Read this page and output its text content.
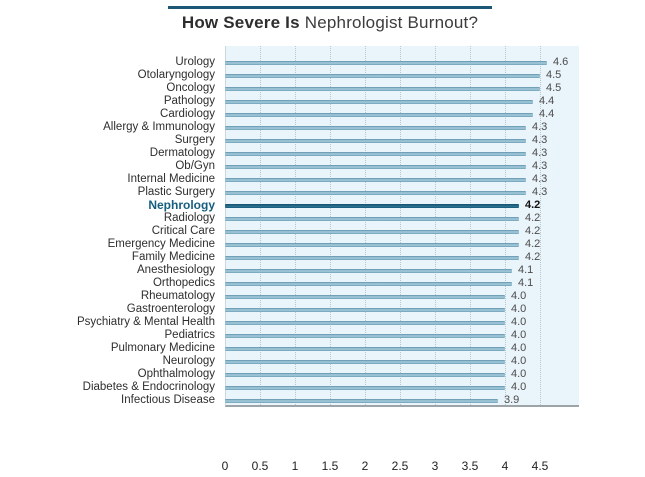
How Severe Is Nephrologist Burnout?
Urology	4.6
Otolaryngology	4.5
Oncology	4.5
Pathology	4.4
Cardiology	4.4
Allergy & Immunology	4.3
Surgery	4.3
Dermatology	4.3
Ob/Gyn	4.3
Internal Medicine	4.3
Plastic Surgery	4.3
Nephrology	4.2
Radiology	4.2
Critical Care	4.2
Emergency Medicine	4.2
Family Medicine	4.2
Anesthesiology	4.1
Orthopedics	4.1
Rheumatology	4.0
Gastroenterology	4.0
Psychiatry & Mental Health	4.0
Pediatrics	4.0
Pulmonary Medicine	4.0
Neurology	4.0
Ophthalmology	4.0
Diabetes & Endocrinology	4.0
Infectious Disease	3.9
0 0.5 1 1.5 2 2.5 3 3.5 4 4.5
